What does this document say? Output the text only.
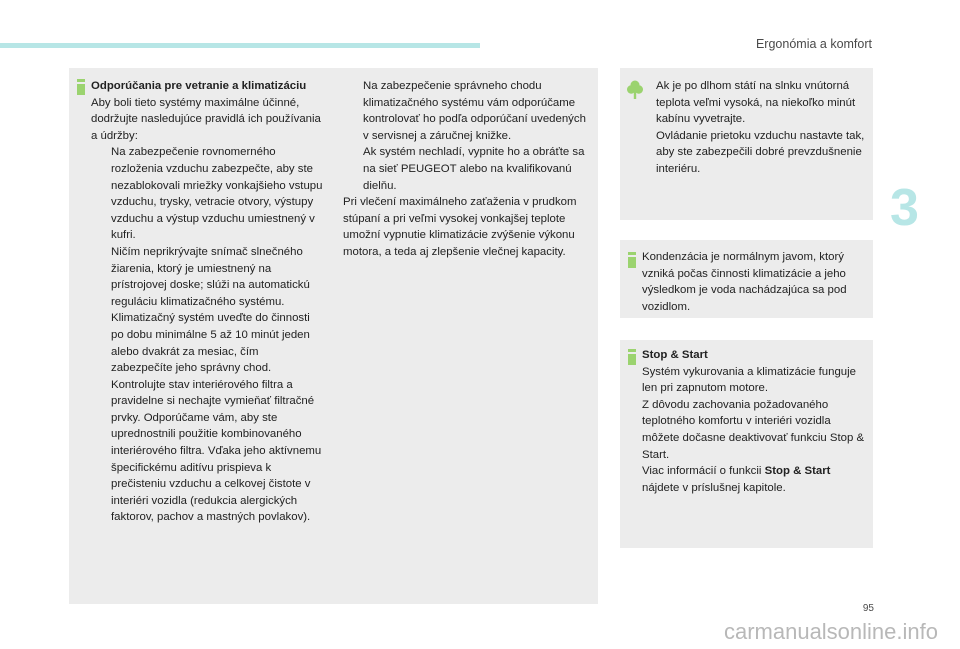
Ergonómia a komfort
3

Odporúčania pre vetranie a klimatizáciu

Aby boli tieto systémy maximálne účinné, dodržujte nasledujúce pravidlá ich používania a údržby:

Na zabezpečenie rovnomerného rozloženia vzduchu zabezpečte, aby ste nezablokovali mriežky vonkajšieho vstupu vzduchu, trysky, vetracie otvory, výstupy vzduchu a výstup vzduchu umiestnený v kufri.

Ničím neprikrývajte snímač slnečného žiarenia, ktorý je umiestnený na prístrojovej doske; slúži na automatickú reguláciu klimatizačného systému.

Klimatizačný systém uveďte do činnosti po dobu minimálne 5 až 10 minút jeden alebo dvakrát za mesiac, čím zabezpečíte jeho správny chod.

Kontrolujte stav interiérového filtra a pravidelne si nechajte vymieňať filtračné prvky. Odporúčame vám, aby ste uprednostnili použitie kombinovaného interiérového filtra. Vďaka jeho aktívnemu špecifickému aditívu prispieva k prečisteniu vzduchu a celkovej čistote v interiéri vozidla (redukcia alergických faktorov, pachov a mastných povlakov).

Na zabezpečenie správneho chodu klimatizačného systému vám odporúčame kontrolovať ho podľa odporúčaní uvedených v servisnej a záručnej knižke.

Ak systém nechladí, vypnite ho a obráťte sa na sieť PEUGEOT alebo na kvalifikovanú dielňu.

Pri vlečení maximálneho zaťaženia v prudkom stúpaní a pri veľmi vysokej vonkajšej teplote umožní vypnutie klimatizácie zvýšenie výkonu motora, a teda aj zlepšenie vlečnej kapacity.

Ak je po dlhom státí na slnku vnútorná teplota veľmi vysoká, na niekoľko minút kabínu vyvetrajte.

Ovládanie prietoku vzduchu nastavte tak, aby ste zabezpečili dobré prevzdušnenie interiéru.

Kondenzácia je normálnym javom, ktorý vzniká počas činnosti klimatizácie a jeho výsledkom je voda nachádzajúca sa pod vozidlom.

Stop & Start

Systém vykurovania a klimatizácie funguje len pri zapnutom motore.

Z dôvodu zachovania požadovaného teplotného komfortu v interiéri vozidla môžete dočasne deaktivovať funkciu Stop & Start.

Viac informácií o funkcii Stop & Start
nájdete v príslušnej kapitole.

95
carmanualsonline.info
